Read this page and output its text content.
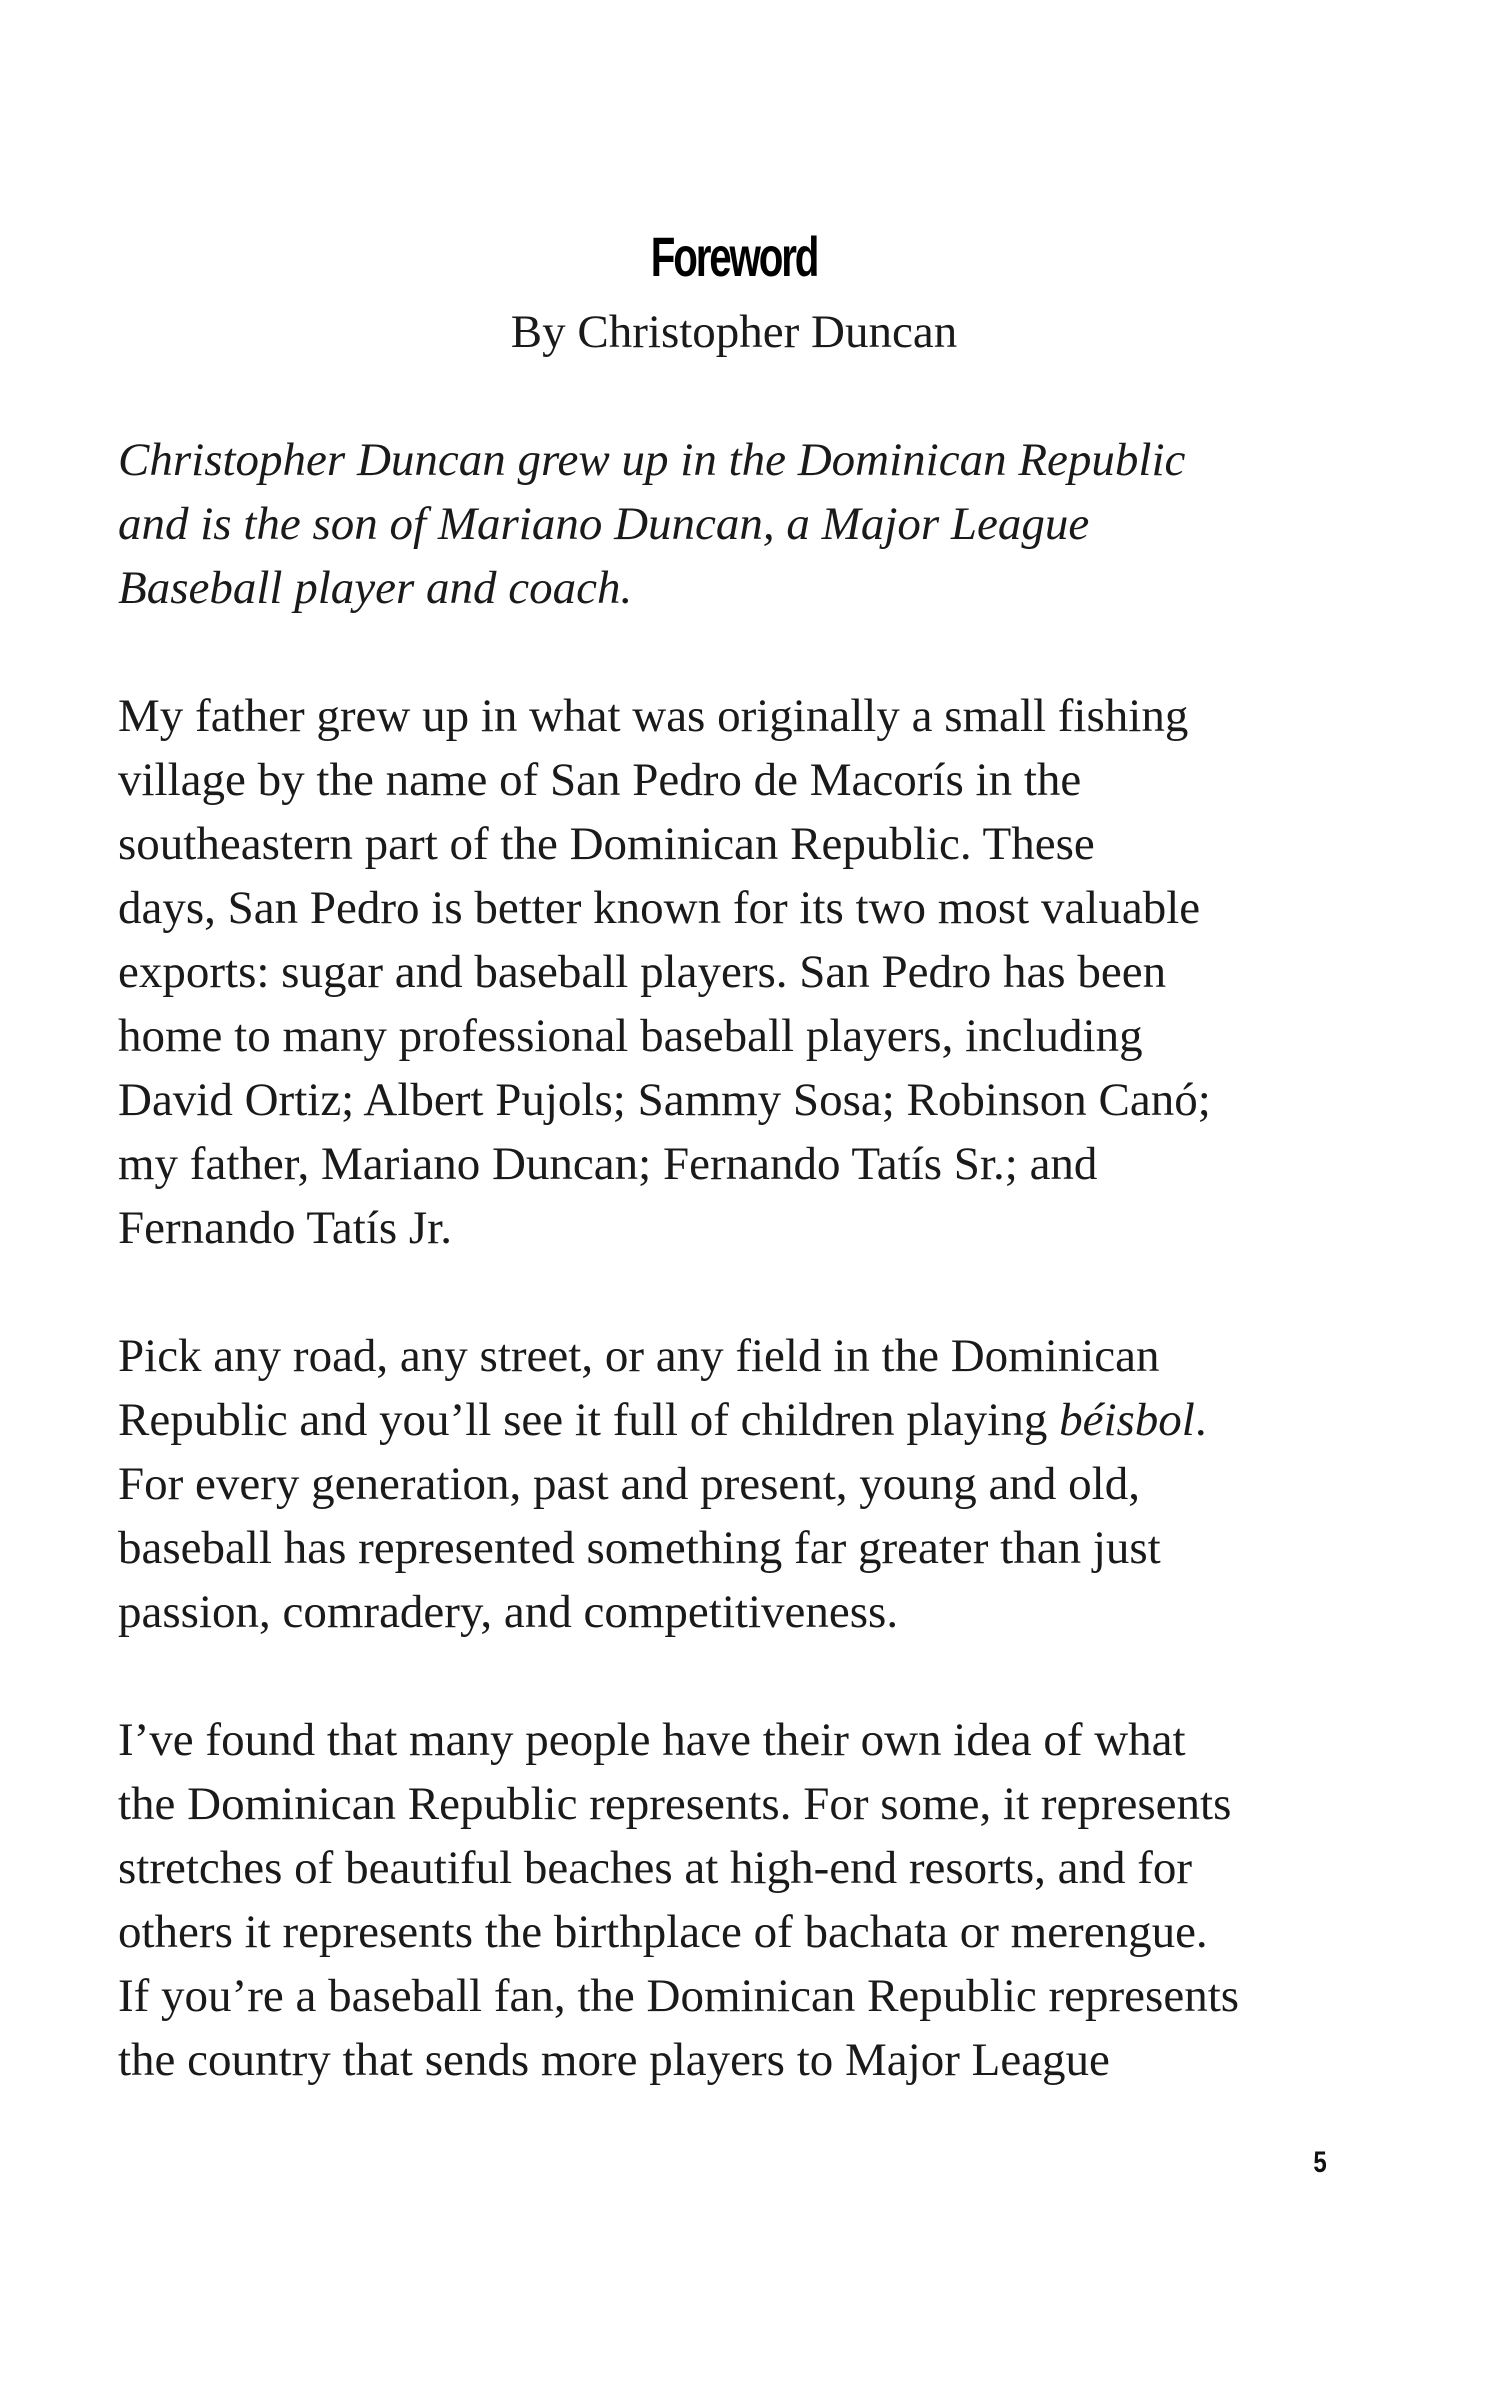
Foreword
By Christopher Duncan
Christopher Duncan grew up in the Dominican Republic
and is the son of Mariano Duncan, a Major League
Baseball player and coach.
My father grew up in what was originally a small fishing
village by the name of San Pedro de Macorís in the
southeastern part of the Dominican Republic. These
days, San Pedro is better known for its two most valuable
exports: sugar and baseball players. San Pedro has been
home to many professional baseball players, including
David Ortiz; Albert Pujols; Sammy Sosa; Robinson Canó;
my father, Mariano Duncan; Fernando Tatís Sr.; and
Fernando Tatís Jr.
Pick any road, any street, or any field in the Dominican
Republic and you’ll see it full of children playing béisbol.
For every generation, past and present, young and old,
baseball has represented something far greater than just
passion, comradery, and competitiveness.
I’ve found that many people have their own idea of what
the Dominican Republic represents. For some, it represents
stretches of beautiful beaches at high-end resorts, and for
others it represents the birthplace of bachata or merengue.
If you’re a baseball fan, the Dominican Republic represents
the country that sends more players to Major League
5
